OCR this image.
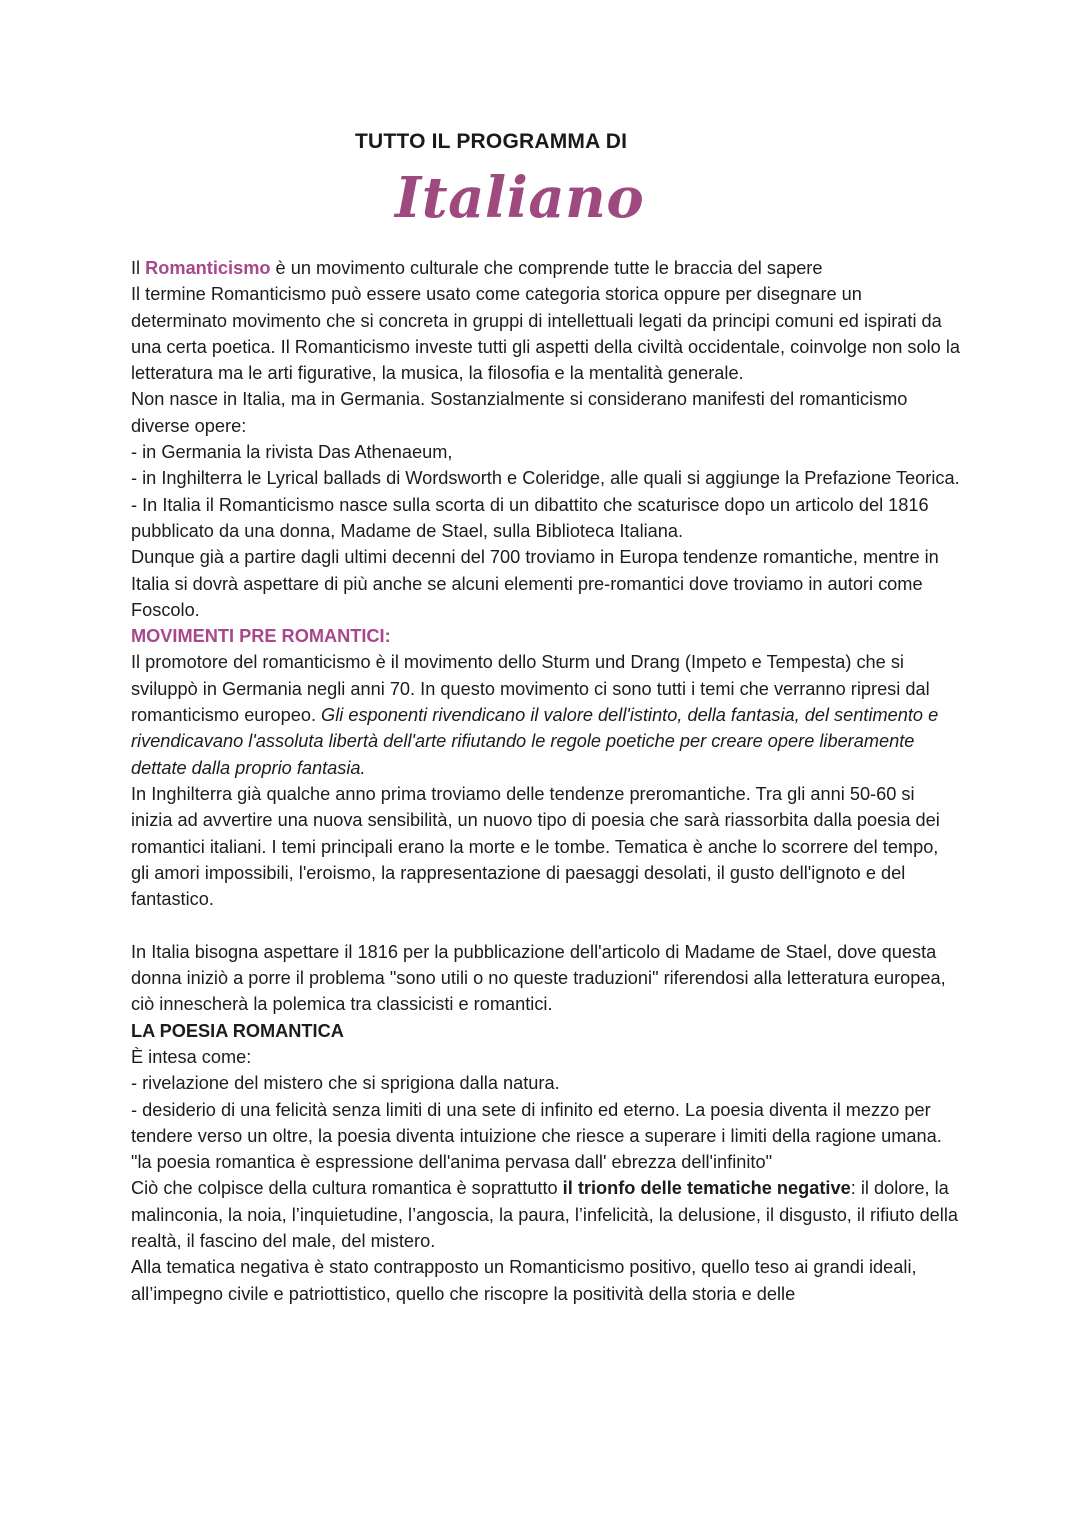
TUTTO IL PROGRAMMA DI
Italiano

Il Romanticismo è un movimento culturale che comprende tutte le braccia del sapere

Il termine Romanticismo può essere usato come categoria storica oppure per disegnare un determinato movimento che si concreta in gruppi di intellettuali legati da principi comuni ed ispirati da una certa poetica. Il Romanticismo investe tutti gli aspetti della civiltà occidentale, coinvolge non solo la letteratura ma le arti figurative, la musica, la filosofia e la mentalità generale.

Non nasce in Italia, ma in Germania. Sostanzialmente si considerano manifesti del romanticismo diverse opere:

- in Germania la rivista Das Athenaeum,

- in Inghilterra le Lyrical ballads di Wordsworth e Coleridge, alle quali si aggiunge la Prefazione Teorica.

- In Italia il Romanticismo nasce sulla scorta di un dibattito che scaturisce dopo un articolo del 1816 pubblicato da una donna, Madame de Stael, sulla Biblioteca Italiana.

Dunque già a partire dagli ultimi decenni del 700 troviamo in Europa tendenze romantiche, mentre in Italia si dovrà aspettare di più anche se alcuni elementi pre-romantici dove troviamo in autori come Foscolo.

MOVIMENTI PRE ROMANTICI:

Il promotore del romanticismo è il movimento dello Sturm und Drang (Impeto e Tempesta) che si sviluppò in Germania negli anni 70. In questo movimento ci sono tutti i temi che verranno ripresi dal romanticismo europeo. Gli esponenti rivendicano il valore dell'istinto, della fantasia, del sentimento e rivendicavano l'assoluta libertà dell'arte rifiutando le regole poetiche per creare opere liberamente dettate dalla proprio fantasia.

In Inghilterra già qualche anno prima troviamo delle tendenze preromantiche. Tra gli anni 50-60 si inizia ad avvertire una nuova sensibilità, un nuovo tipo di poesia che sarà riassorbita dalla poesia dei romantici italiani. I temi principali erano la morte e le tombe. Tematica è anche lo scorrere del tempo, gli amori impossibili, l'eroismo, la rappresentazione di paesaggi desolati, il gusto dell'ignoto e del fantastico.

In Italia bisogna aspettare il 1816 per la pubblicazione dell'articolo di Madame de Stael, dove questa donna iniziò a porre il problema "sono utili o no queste traduzioni" riferendosi alla letteratura europea, ciò innescherà la polemica tra classicisti e romantici.

LA POESIA ROMANTICA

È intesa come:

- rivelazione del mistero che si sprigiona dalla natura.

- desiderio di una felicità senza limiti di una sete di infinito ed eterno. La poesia diventa il mezzo per tendere verso un oltre, la poesia diventa intuizione che riesce a superare i limiti della ragione umana. "la poesia romantica è espressione dell'anima pervasa dall' ebrezza dell'infinito"

Ciò che colpisce della cultura romantica è soprattutto il trionfo delle tematiche negative: il dolore, la malinconia, la noia, l’inquietudine, l’angoscia, la paura, l’infelicità, la delusione, il disgusto, il rifiuto della realtà, il fascino del male, del mistero.

Alla tematica negativa è stato contrapposto un Romanticismo positivo, quello teso ai grandi ideali, all’impegno civile e patriottistico, quello che riscopre la positività della storia e delle
